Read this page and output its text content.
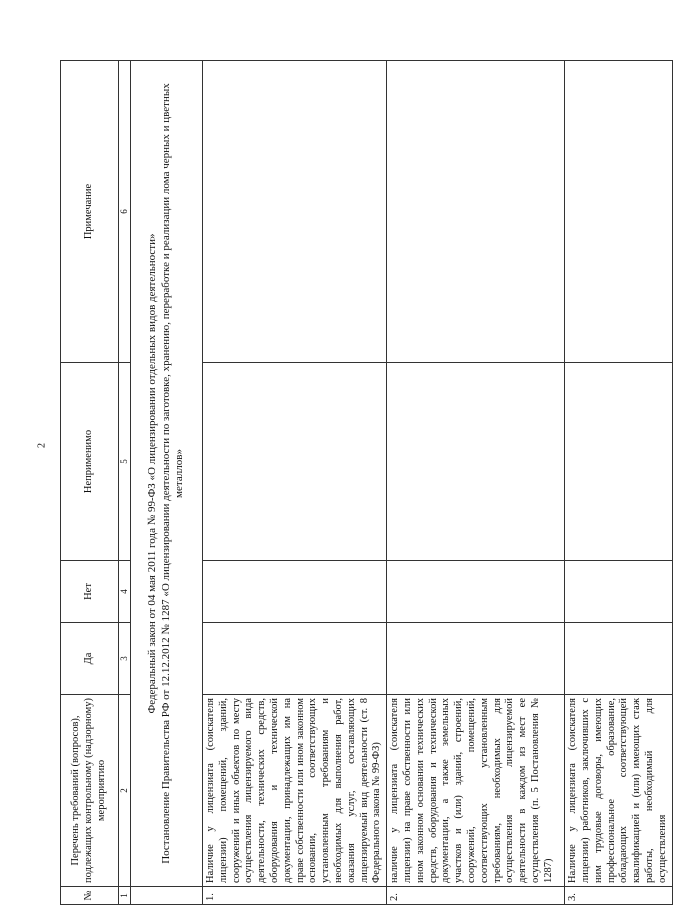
2
№	Перечень требований (вопросов), подлежащих контрольному (надзорному) мероприятию	Да	Нет	Неприменимо	Примечание
1	2	3	4	5	6

	Федеральный закон от 04 мая 2011 года № 99-ФЗ «О лицензировании отдельных видов деятельности» Постановление Правительства РФ от 12.12.2012 № 1287 «О лицензировании деятельности по заготовке, хранению, переработке и реализации лома черных и цветных металлов»				

1.	Наличие у лицензиата (соискателя лицензии) помещений, зданий, сооружений и иных объектов по месту осуществления лицензируемого вида деятельности, технических средств, оборудования и технической документации, принадлежащих им на праве собственности или ином законном основании, соответствующих установленным требованиям и необходимых для выполнения работ, оказания услуг, составляющих лицензируемый вид деятельности (ст. 8 Федерального закона № 99-ФЗ)				
2.	наличие у лицензиата (соискателя лицензии) на праве собственности или ином законном основании технических средств, оборудования и технической документации, а также земельных участков и (или) зданий, строений, сооружений, помещений, соответствующих установленным требованиям, необходимых для осуществления лицензируемой деятельности в каждом из мест ее осуществления (п. 5 Постановления № 1287)				
3.	Наличие у лицензиата (соискателя лицензии) работников, заключивших с ним трудовые договоры, имеющих профессиональное образование, обладающих соответствующей квалификацией и (или) имеющих стаж работы, необходимый для осуществления				
